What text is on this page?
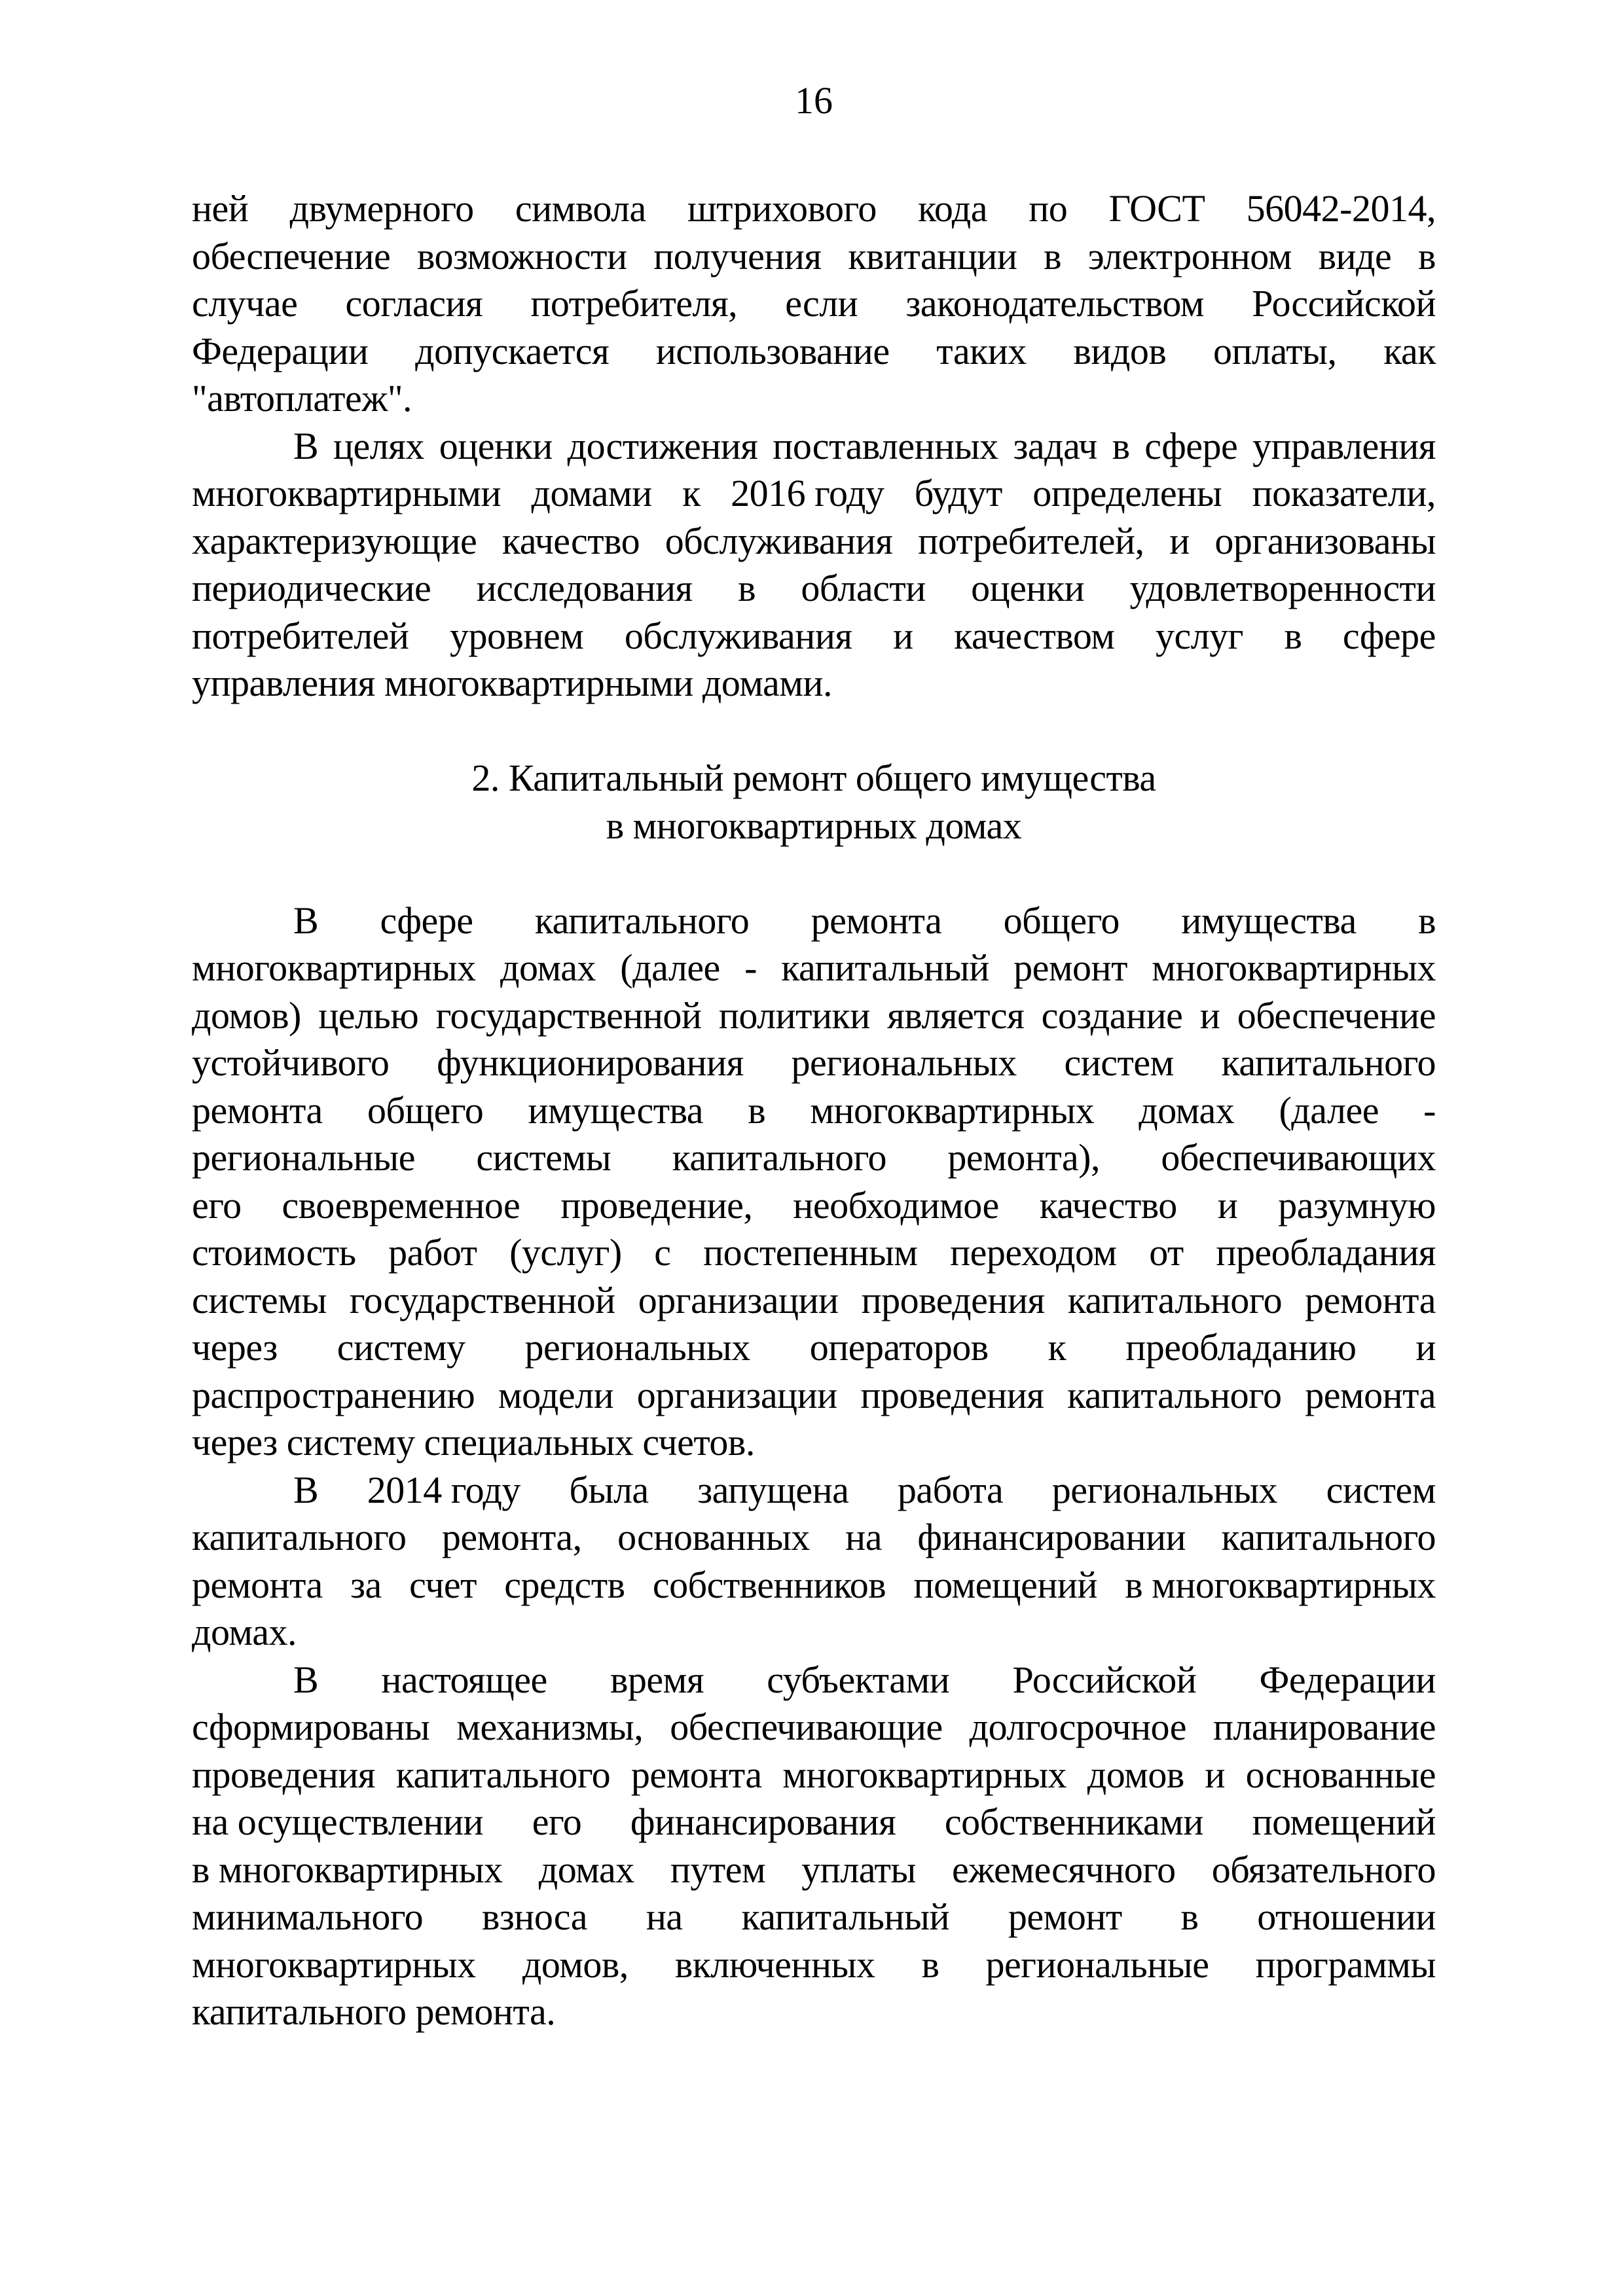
16
ней двумерного символа штрихового кода по ГОСТ 56042-2014,
обеспечение возможности получения квитанции в электронном виде в
случае согласия потребителя, если законодательством Российской
Федерации допускается использование таких видов оплаты, как
"автоплатеж".
В целях оценки достижения поставленных задач в сфере управления
многоквартирными домами к 2016 году будут определены показатели,
характеризующие качество обслуживания потребителей, и организованы
периодические исследования в области оценки удовлетворенности
потребителей уровнем обслуживания и качеством услуг в сфере
управления многоквартирными домами.
2. Капитальный ремонт общего имущества
в многоквартирных домах
В сфере капитального ремонта общего имущества в
многоквартирных домах (далее - капитальный ремонт многоквартирных
домов) целью государственной политики является создание и обеспечение
устойчивого функционирования региональных систем капитального
ремонта общего имущества в многоквартирных домах (далее -
региональные системы капитального ремонта), обеспечивающих
его своевременное проведение, необходимое качество и разумную
стоимость работ (услуг) с постепенным переходом от преобладания
системы государственной организации проведения капитального ремонта
через систему региональных операторов к преобладанию и
распространению модели организации проведения капитального ремонта
через систему специальных счетов.
В 2014 году была запущена работа региональных систем
капитального ремонта, основанных на финансировании капитального
ремонта за счет средств собственников помещений в многоквартирных
домах.
В настоящее время субъектами Российской Федерации
сформированы механизмы, обеспечивающие долгосрочное планирование
проведения капитального ремонта многоквартирных домов и основанные
на осуществлении его финансирования собственниками помещений
в многоквартирных домах путем уплаты ежемесячного обязательного
минимального взноса на капитальный ремонт в отношении
многоквартирных домов, включенных в региональные программы
капитального ремонта.
